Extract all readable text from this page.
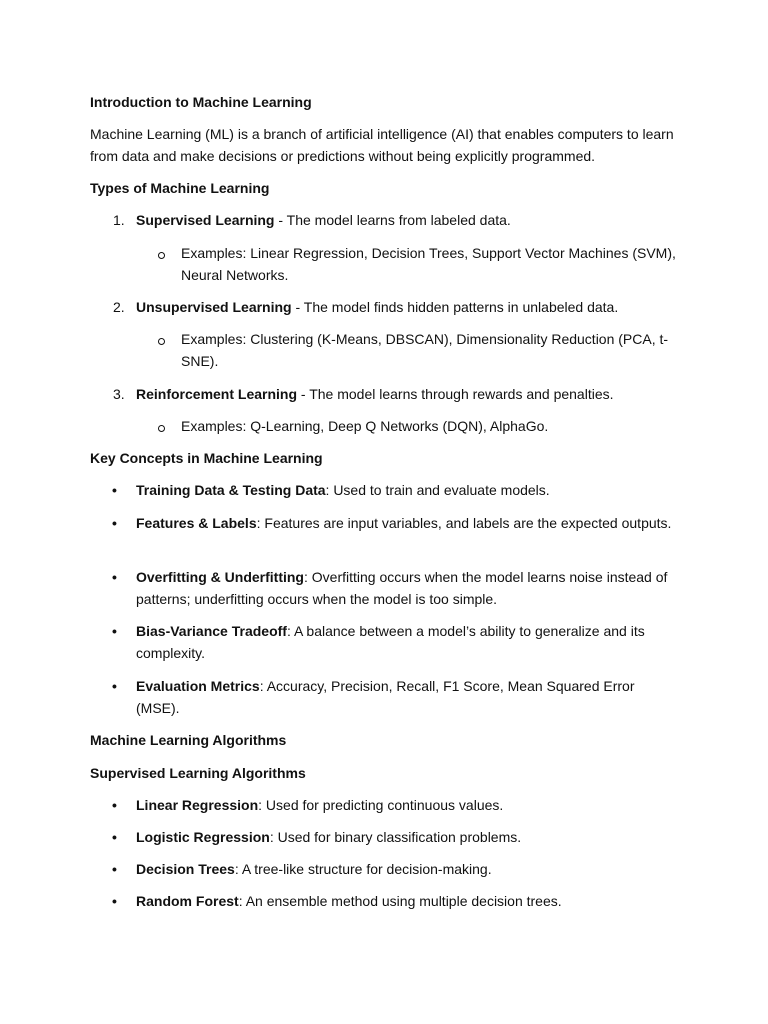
Introduction to Machine Learning
Machine Learning (ML) is a branch of artificial intelligence (AI) that enables computers to learn from data and make decisions or predictions without being explicitly programmed.
Types of Machine Learning
1. Supervised Learning - The model learns from labeled data.
Examples: Linear Regression, Decision Trees, Support Vector Machines (SVM), Neural Networks.
2. Unsupervised Learning - The model finds hidden patterns in unlabeled data.
Examples: Clustering (K-Means, DBSCAN), Dimensionality Reduction (PCA, t-SNE).
3. Reinforcement Learning - The model learns through rewards and penalties.
Examples: Q-Learning, Deep Q Networks (DQN), AlphaGo.
Key Concepts in Machine Learning
• Training Data & Testing Data: Used to train and evaluate models.
• Features & Labels: Features are input variables, and labels are the expected outputs.
• Overfitting & Underfitting: Overfitting occurs when the model learns noise instead of patterns; underfitting occurs when the model is too simple.
• Bias-Variance Tradeoff: A balance between a model’s ability to generalize and its complexity.
• Evaluation Metrics: Accuracy, Precision, Recall, F1 Score, Mean Squared Error (MSE).
Machine Learning Algorithms
Supervised Learning Algorithms
• Linear Regression: Used for predicting continuous values.
• Logistic Regression: Used for binary classification problems.
• Decision Trees: A tree-like structure for decision-making.
• Random Forest: An ensemble method using multiple decision trees.
